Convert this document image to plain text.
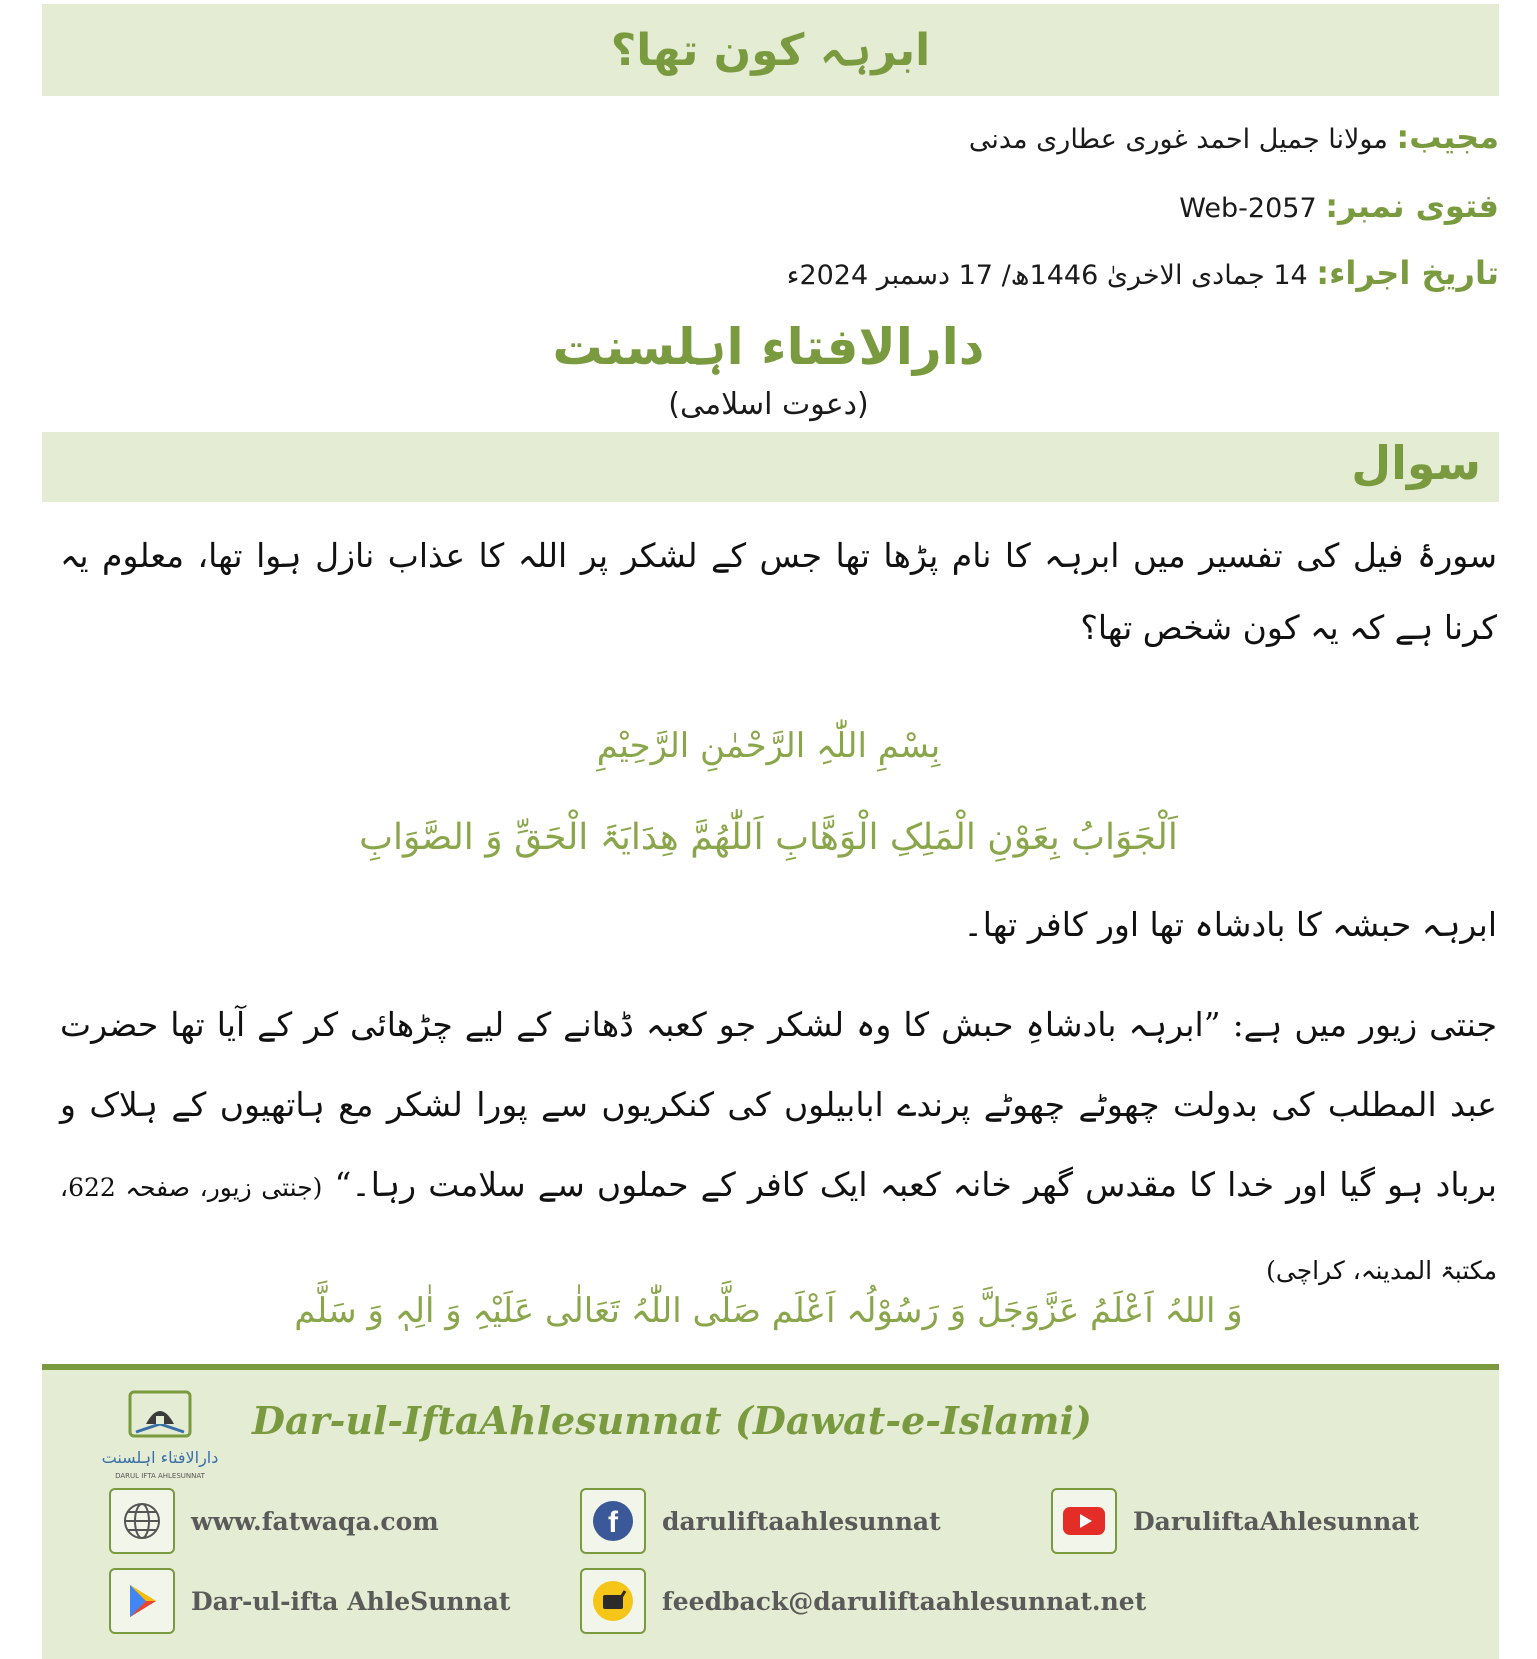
ابرہہ کون تھا؟
مجیب: مولانا جمیل احمد غوری عطاری مدنی
فتوی نمبر: Web-2057
تاریخ اجراء: 14 جمادی الاخریٰ 1446ھ/ 17 دسمبر 2024ء
دارالافتاء اہلسنت
(دعوت اسلامی)
سوال
سورۂ فیل کی تفسیر میں ابرہہ کا نام پڑھا تھا جس کے لشکر پر اللہ کا عذاب نازل ہوا تھا، معلوم یہ کرنا ہے کہ یہ کون شخص تھا؟
بِسْمِ اللّٰہِ الرَّحْمٰنِ الرَّحِیْمِ
اَلْجَوَابُ بِعَوْنِ الْمَلِکِ الْوَھَّابِ اَللّٰھُمَّ ھِدَایَۃَ الْحَقِّ وَ الصَّوَابِ
ابرہہ حبشہ کا بادشاہ تھا اور کافر تھا۔
جنتی زیور میں ہے: ”ابرہہ بادشاہِ حبش کا وہ لشکر جو کعبہ ڈھانے کے لیے چڑھائی کر کے آیا تھا حضرت عبد المطلب کی بدولت چھوٹے چھوٹے پرندے ابابیلوں کی کنکریوں سے پورا لشکر مع ہاتھیوں کے ہلاک و برباد ہو گیا اور خدا کا مقدس گھر خانہ کعبہ ایک کافر کے حملوں سے سلامت رہا۔“ (جنتی زیور، صفحہ 622، مکتبۃ المدینہ، کراچی)
وَ اللہُ اَعْلَمُ عَزَّوَجَلَّ وَ رَسُوْلُہ اَعْلَم صَلَّی اللّٰہُ تَعَالٰی عَلَیْہِ وَ اٰلِہٖ وَ سَلَّم
دارالافتاء اہلسنت
DARUL IFTA AHLESUNNAT
Dar-ul-IftaAhlesunnat (Dawat-e-Islami)
www.fatwaqa.com	f daruliftaahlesunnat	DaruliftaAhlesunnat
Dar-ul-ifta AhleSunnat	feedback@daruliftaahlesunnat.net
